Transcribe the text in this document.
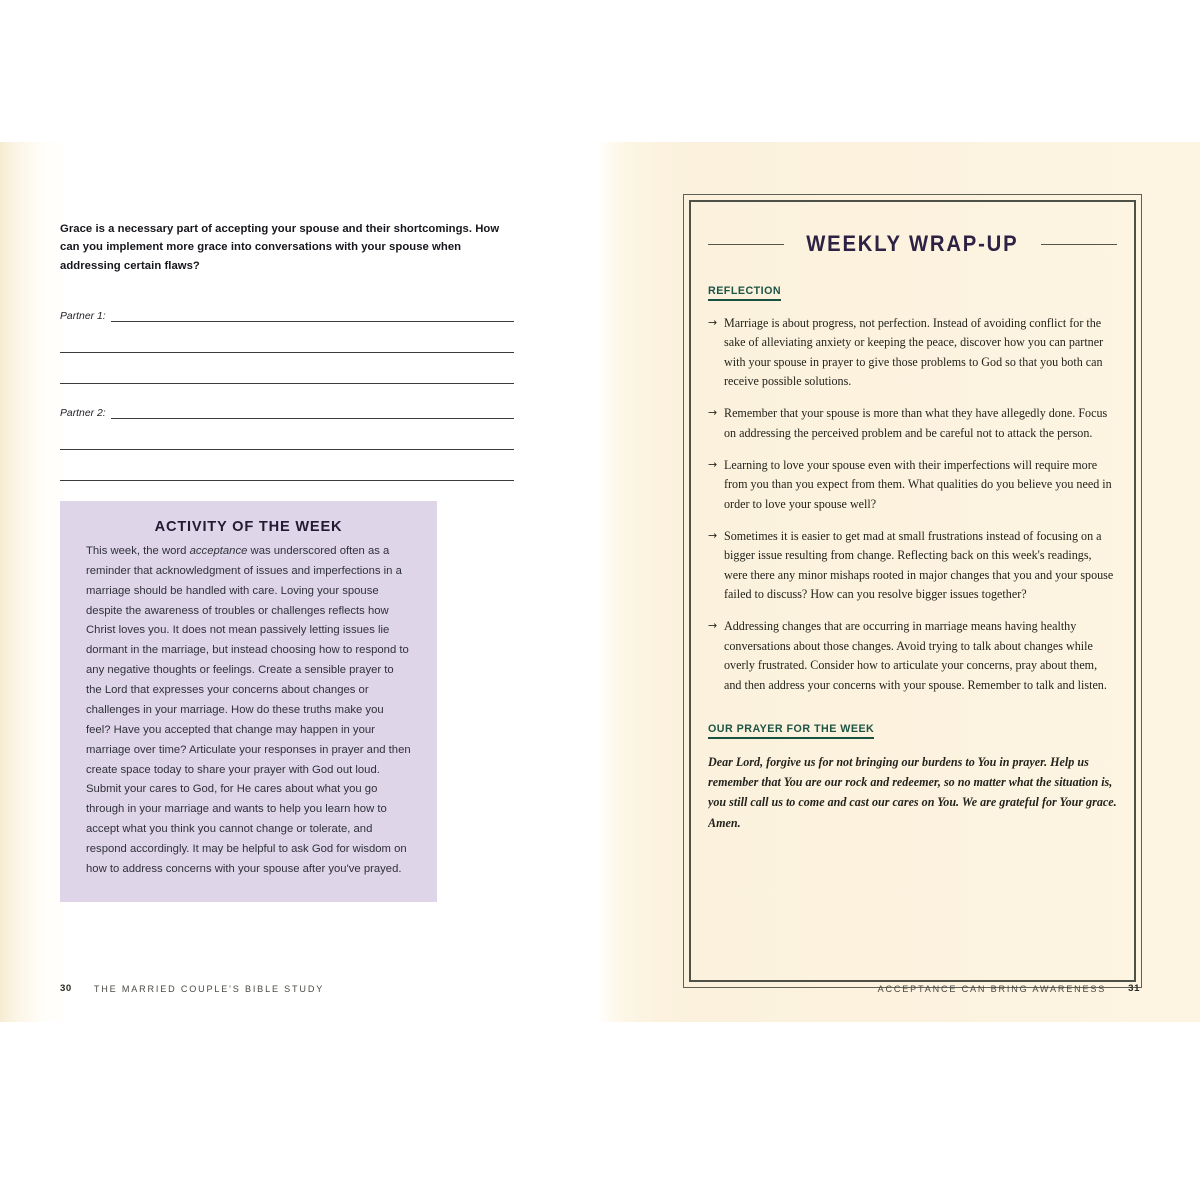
Grace is a necessary part of accepting your spouse and their shortcomings. How can you implement more grace into conversations with your spouse when addressing certain flaws?

Partner 1:
Partner 2:
ACTIVITY OF THE WEEK

This week, the word acceptance was underscored often as a reminder that acknowledgment of issues and imperfections in a marriage should be handled with care. Loving your spouse despite the awareness of troubles or challenges reflects how Christ loves you. It does not mean passively letting issues lie dormant in the marriage, but instead choosing how to respond to any negative thoughts or feelings. Create a sensible prayer to the Lord that expresses your concerns about changes or challenges in your marriage. How do these truths make you feel? Have you accepted that change may happen in your marriage over time? Articulate your responses in prayer and then create space today to share your prayer with God out loud. Submit your cares to God, for He cares about what you go through in your marriage and wants to help you learn how to accept what you think you cannot change or tolerate, and respond accordingly. It may be helpful to ask God for wisdom on how to address concerns with your spouse after you've prayed.

30	THE MARRIED COUPLE'S BIBLE STUDY
WEEKLY WRAP-UP
REFLECTION
→ Marriage is about progress, not perfection. Instead of avoiding conflict for the sake of alleviating anxiety or keeping the peace, discover how you can partner with your spouse in prayer to give those problems to God so that you both can receive possible solutions.
→ Remember that your spouse is more than what they have allegedly done. Focus on addressing the perceived problem and be careful not to attack the person.
→ Learning to love your spouse even with their imperfections will require more from you than you expect from them. What qualities do you believe you need in order to love your spouse well?
→ Sometimes it is easier to get mad at small frustrations instead of focusing on a bigger issue resulting from change. Reflecting back on this week's readings, were there any minor mishaps rooted in major changes that you and your spouse failed to discuss? How can you resolve bigger issues together?
→ Addressing changes that are occurring in marriage means having healthy conversations about those changes. Avoid trying to talk about changes while overly frustrated. Consider how to articulate your concerns, pray about them, and then address your concerns with your spouse. Remember to talk and listen.
OUR PRAYER FOR THE WEEK

Dear Lord, forgive us for not bringing our burdens to You in prayer. Help us remember that You are our rock and redeemer, so no matter what the situation is, you still call us to come and cast our cares on You. We are grateful for Your grace. Amen.

ACCEPTANCE CAN BRING AWARENESS	31
